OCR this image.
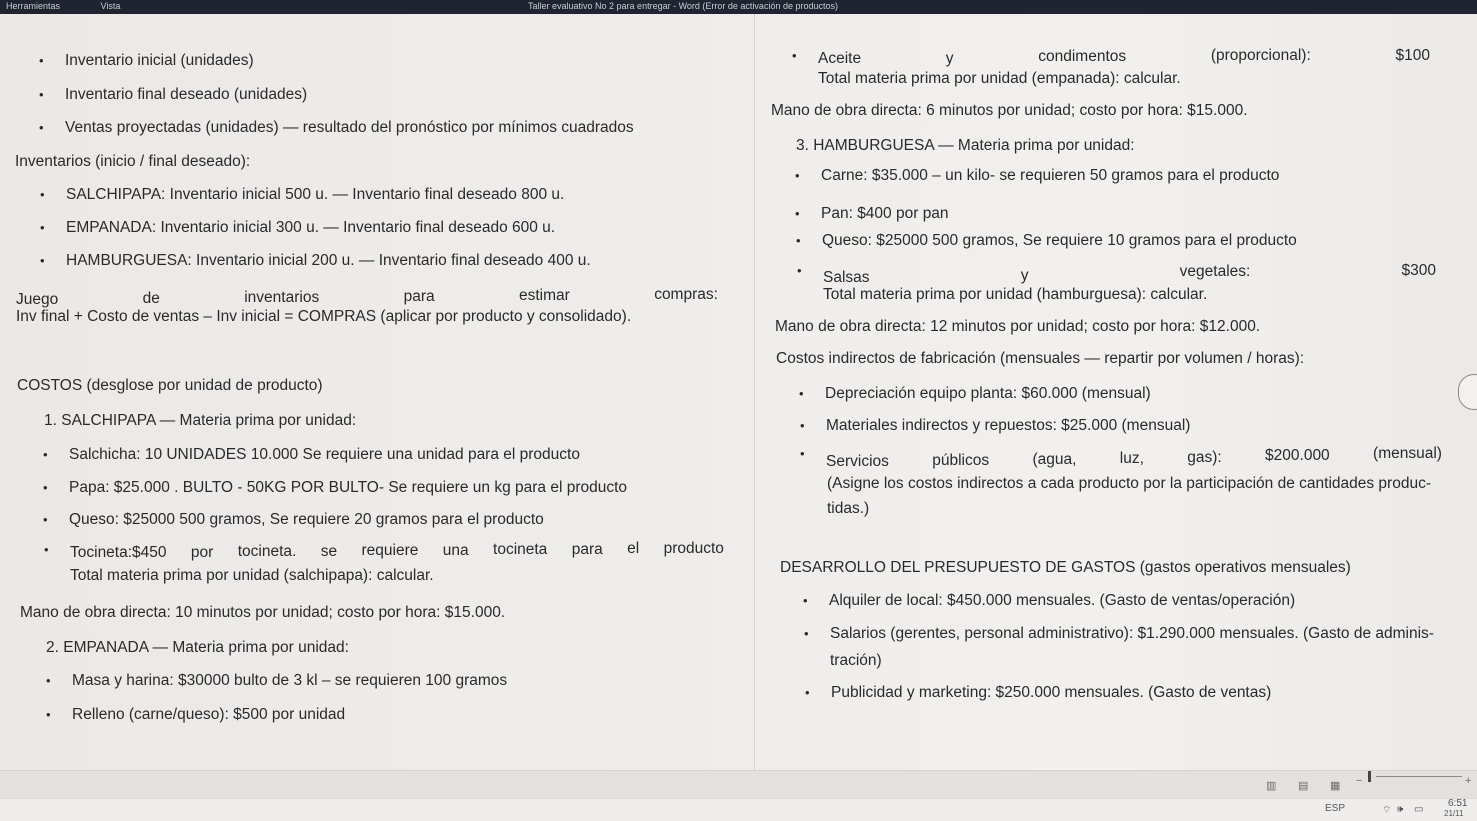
Herramientas	Vista	Taller evaluativo No 2 para entregar - Word (Error de activación de productos)
• Inventario inicial (unidades)
• Inventario final deseado (unidades)
• Ventas proyectadas (unidades) — resultado del pronóstico por mínimos cuadrados
Inventarios (inicio / final deseado):
• SALCHIPAPA: Inventario inicial 500 u. — Inventario final deseado 800 u.
• EMPANADA: Inventario inicial 300 u. — Inventario final deseado 600 u.
• HAMBURGUESA: Inventario inicial 200 u. — Inventario final deseado 400 u.
Juego	de	inventarios	para	estimar	compras:
Inv final + Costo de ventas – Inv inicial = COMPRAS (aplicar por producto y consolidado).
COSTOS (desglose por unidad de producto)
1. SALCHIPAPA — Materia prima por unidad:
• Salchicha: 10 UNIDADES 10.000 Se requiere una unidad para el producto
• Papa: $25.000 . BULTO - 50KG POR BULTO- Se requiere un kg para el producto
• Queso: $25000 500 gramos, Se requiere 20 gramos para el producto
• Tocineta:$450 por tocineta. se requiere una tocineta para el producto
Total materia prima por unidad (salchipapa): calcular.
Mano de obra directa: 10 minutos por unidad; costo por hora: $15.000.
2. EMPANADA — Materia prima por unidad:
• Masa y harina: $30000 bulto de 3 kl – se requieren 100 gramos
• Relleno (carne/queso): $500 por unidad
• Aceite	y	condimentos	(proporcional):	$100
Total materia prima por unidad (empanada): calcular.
Mano de obra directa: 6 minutos por unidad; costo por hora: $15.000.
3. HAMBURGUESA — Materia prima por unidad:
• Carne: $35.000 – un kilo- se requieren 50 gramos para el producto
• Pan: $400 por pan
• Queso: $25000 500 gramos, Se requiere 10 gramos para el producto
• Salsas	y	vegetales:	$300
Total materia prima por unidad (hamburguesa): calcular.
Mano de obra directa: 12 minutos por unidad; costo por hora: $12.000.
Costos indirectos de fabricación (mensuales — repartir por volumen / horas):
• Depreciación equipo planta: $60.000 (mensual)
• Materiales indirectos y repuestos: $25.000 (mensual)
• Servicios	públicos	(agua,	luz,	gas):	$200.000	(mensual)
(Asigne los costos indirectos a cada producto por la participación de cantidades produc-
tidas.)
DESARROLLO DEL PRESUPUESTO DE GASTOS (gastos operativos mensuales)
• Alquiler de local: $450.000 mensuales. (Gasto de ventas/operación)
• Salarios (gerentes, personal administrativo): $1.290.000 mensuales. (Gasto de adminis-
tración)
• Publicidad y marketing: $250.000 mensuales. (Gasto de ventas)
▥ ▤ ▦ −	+
ESP	⌔ 🕪 ▭
6:51
21/11
